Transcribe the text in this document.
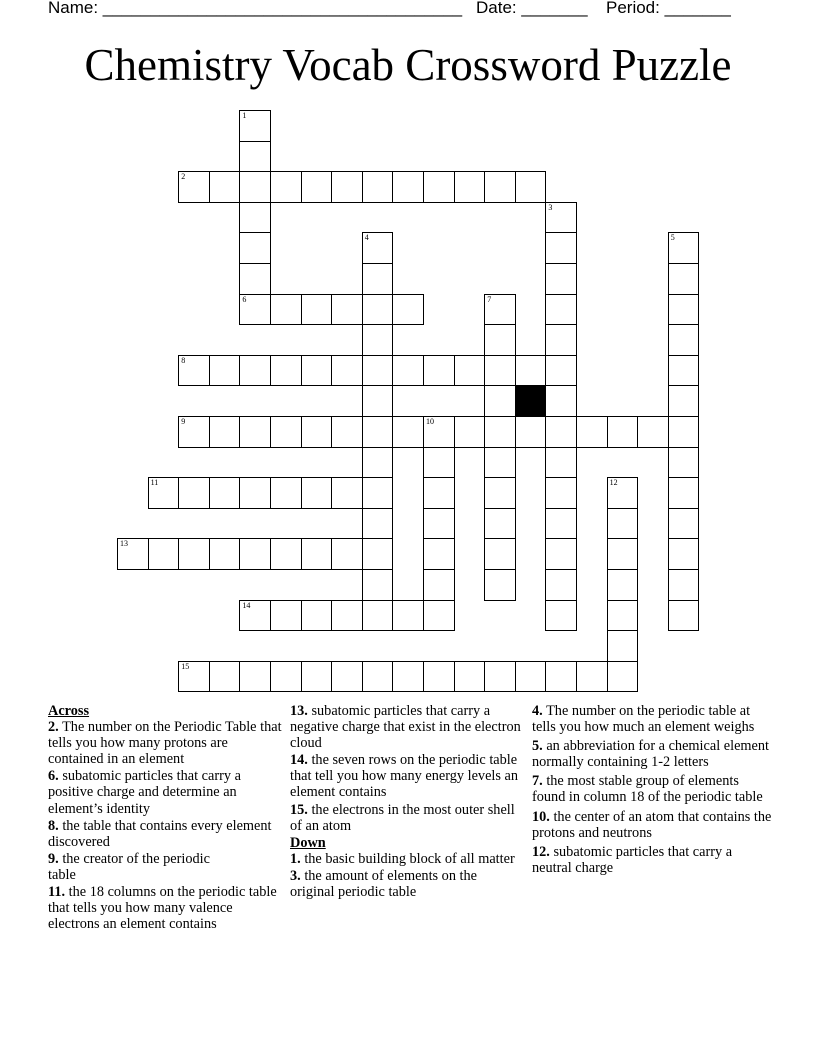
Name: ______________________________________ Date: _______ Period: _______
Chemistry Vocab Crossword Puzzle
2
6
8
9	10
11
13
14
15
1
3
4	5
7
12
Across
2. The number on the Periodic Table that tells you how many protons are contained in an element
6. subatomic particles that carry a positive charge and determine an element’s identity
8. the table that contains every element discovered
9. the creator of the periodic table
11. the 18 columns on the periodic table that tells you how many valence electrons an element contains
13. subatomic particles that carry a negative charge that exist in the electron cloud
14. the seven rows on the periodic table that tell you how many energy levels an element contains
15. the electrons in the most outer shell of an atom
Down
1. the basic building block of all matter
3. the amount of elements on the original periodic table
4. The number on the periodic table at tells you how much an element weighs
5. an abbreviation for a chemical element normally containing 1-2 letters
7. the most stable group of elements found in column 18 of the periodic table
10. the center of an atom that contains the protons and neutrons
12. subatomic particles that carry a neutral charge
